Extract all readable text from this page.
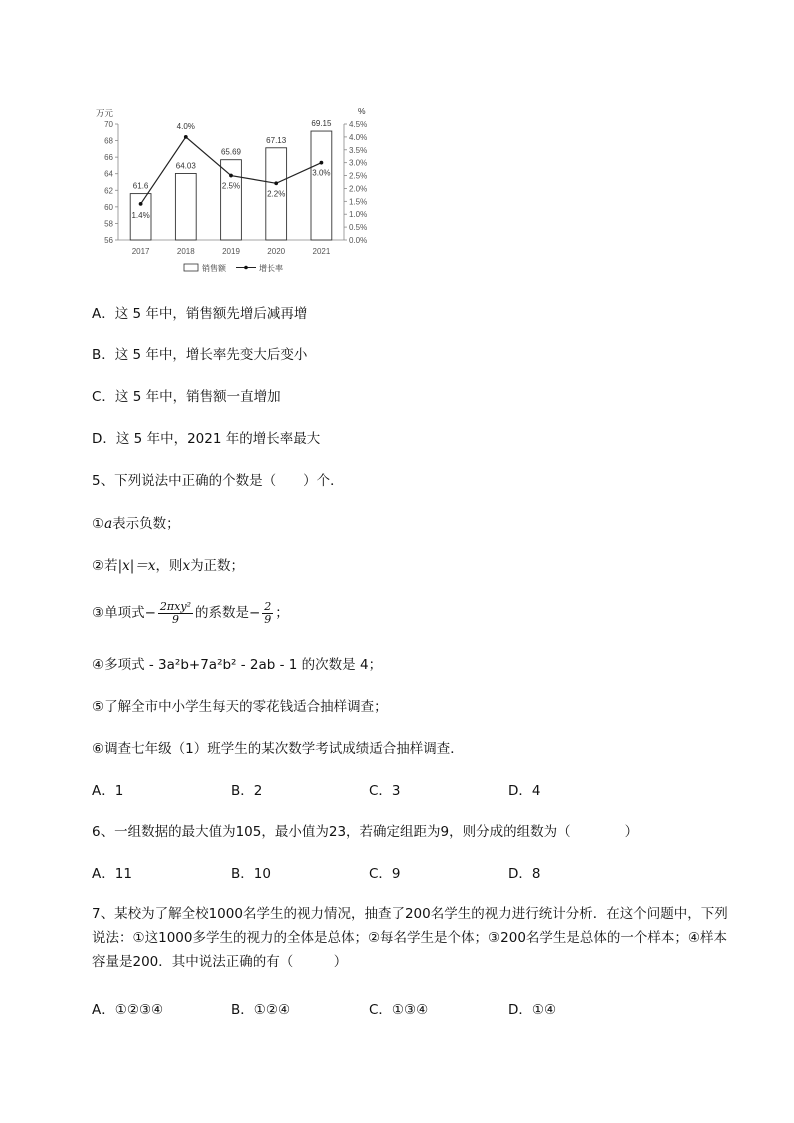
56
58
60
62
64
66
68
70
0.0%
0.5%
1.0%
1.5%
2.0%
2.5%
3.0%
3.5%
4.0%
4.5%
万元	%
2017	2018	2019	2020	2021
61.6
64.03
65.69
67.13
69.15
1.4%
4.0%
2.5%
2.2%
3.0%
销售额	增长率
A．这 5 年中，销售额先增后减再增
B．这 5 年中，增长率先变大后变小
C．这 5 年中，销售额一直增加
D．这 5 年中，2021 年的增长率最大
5、下列说法中正确的个数是（　　）个．
①a表示负数；
②若|x|＝x，则x为正数；
③单项式− $\frac{\text{2πxy²}}{9}$ 的系数是− $\frac{2}{9}$ ；
④多项式 - 3a²b+7a²b² - 2ab - 1 的次数是 4；
⑤了解全市中小学生每天的零花钱适合抽样调查；
⑥调查七年级（1）班学生的某次数学考试成绩适合抽样调查．
A．1	B．2	C．3	D．4
6、一组数据的最大值为105，最小值为23，若确定组距为9，则分成的组数为（　　　　）
A．11	B．10	C．9	D．8
7、某校为了解全校1000名学生的视力情况，抽查了200名学生的视力进行统计分析．在这个问题中，下列说法：①这1000多学生的视力的全体是总体；②每名学生是个体；③200名学生是总体的一个样本；④样本容量是200．其中说法正确的有（　　　）
A．①②③④	B．①②④	C．①③④	D．①④
